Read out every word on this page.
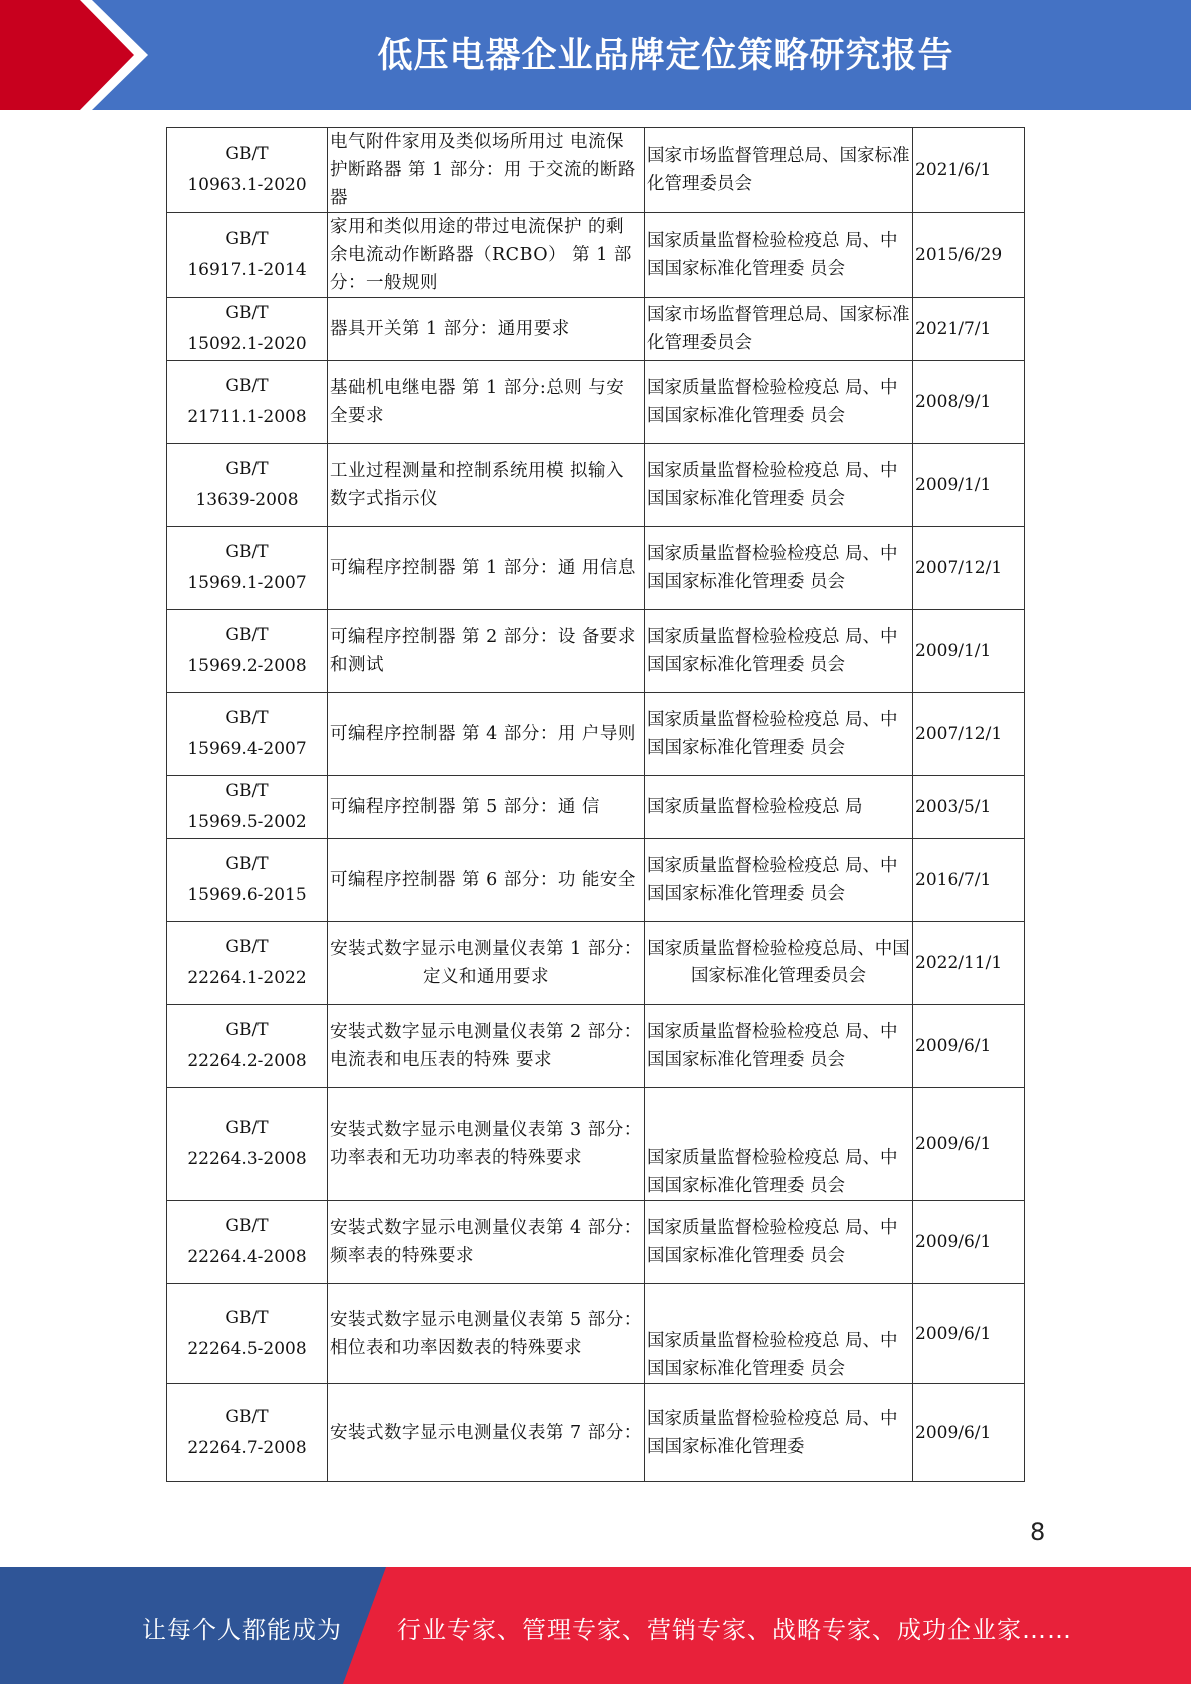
低压电器企业品牌定位策略研究报告
GB/T
10963.1-2020	电气附件家用及类似场所用过 电流保护断路器 第 1 部分：用 于交流的断路器	国家市场监督管理总局、国家标准化管理委员会	2021/6/1

GB/T
16917.1-2014	家用和类似用途的带过电流保护 的剩余电流动作断路器（RCBO） 第 1 部分：一般规则	国家质量监督检验检疫总 局、中国国家标准化管理委 员会	2015/6/29

GB/T
15092.1-2020	器具开关第 1 部分：通用要求	国家市场监督管理总局、国家标准化管理委员会	2021/7/1

GB/T
21711.1-2008	基础机电继电器 第 1 部分:总则 与安全要求	国家质量监督检验检疫总 局、中国国家标准化管理委 员会	2008/9/1

GB/T
13639-2008	工业过程测量和控制系统用模 拟输入数字式指示仪	国家质量监督检验检疫总 局、中国国家标准化管理委 员会	2009/1/1

GB/T
15969.1-2007	可编程序控制器 第 1 部分：通 用信息	国家质量监督检验检疫总 局、中国国家标准化管理委 员会	2007/12/1

GB/T
15969.2-2008	可编程序控制器 第 2 部分：设 备要求和测试	国家质量监督检验检疫总 局、中国国家标准化管理委 员会	2009/1/1

GB/T
15969.4-2007	可编程序控制器 第 4 部分：用 户导则	国家质量监督检验检疫总 局、中国国家标准化管理委 员会	2007/12/1

GB/T
15969.5-2002	可编程序控制器 第 5 部分：通 信	国家质量监督检验检疫总 局	2003/5/1

GB/T
15969.6-2015	可编程序控制器 第 6 部分：功 能安全	国家质量监督检验检疫总 局、中国国家标准化管理委 员会	2016/7/1

GB/T
22264.1-2022	安装式数字显示电测量仪表第 1 部分：定义和通用要求	国家质量监督检验检疫总局、中国国家标准化管理委员会	2022/11/1

GB/T
22264.2-2008	安装式数字显示电测量仪表第 2 部分：电流表和电压表的特殊 要求	国家质量监督检验检疫总 局、中国国家标准化管理委 员会	2009/6/1

GB/T
22264.3-2008	安装式数字显示电测量仪表第 3 部分：功率表和无功功率表的特殊要求	国家质量监督检验检疫总 局、中国国家标准化管理委 员会	2009/6/1

GB/T
22264.4-2008	安装式数字显示电测量仪表第 4 部分：频率表的特殊要求	国家质量监督检验检疫总 局、中国国家标准化管理委 员会	2009/6/1

GB/T
22264.5-2008	安装式数字显示电测量仪表第 5 部分：相位表和功率因数表的特殊要求	国家质量监督检验检疫总 局、中国国家标准化管理委 员会	2009/6/1

GB/T
22264.7-2008	安装式数字显示电测量仪表第 7 部分：	国家质量监督检验检疫总 局、中国国家标准化管理委	2009/6/1
8
让每个人都能成为 行业专家、管理专家、营销专家、战略专家、成功企业家……
